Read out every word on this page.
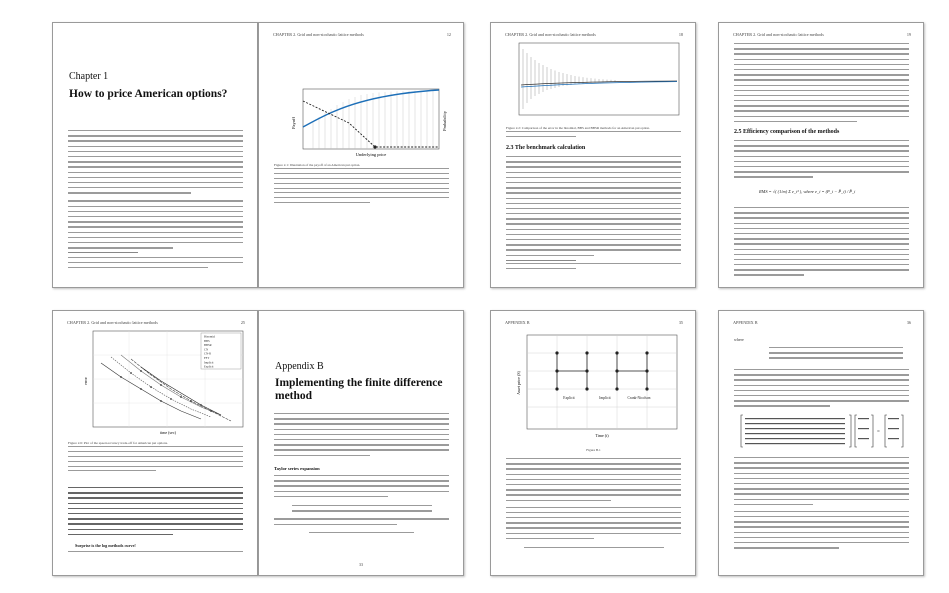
Chapter 1
How to price American options?
CHAPTER 2. Grid and non-stochastic lattice methods	12
Payoff	Probability
Underlying price
Figure 2.1: Illustration of the payoff of an American put option.
CHAPTER 2. Grid and non-stochastic lattice methods	18
Figure 2.2: Comparison of the error in the binomial, BBS and BBSR methods for an American put option.
2.3 The benchmark calculation
CHAPTER 2. Grid and non-stochastic lattice methods	19
2.5 Efficiency comparison of the methods
RMS = √( (1/m) Σ e_i² ), where e_i = (P_i − P̂_i) / P̂_i
CHAPTER 2. Grid and non-stochastic lattice methods	25
Binomial
BBS
BBSR
CN
CN-R
FFT
Implicit
Explicit
time (sec)
error
Figure 2.6: Plot of the speed-accuracy trade-off for American put options.
Surprise is the log methods curve!
Appendix B
Implementing the finite difference method
Taylor series expansion
33
APPENDIX B	35
Explicit	Implicit	Crank-Nicolson
Time (t)
Asset price (S)
Figure B.1
APPENDIX B	36
where
=
